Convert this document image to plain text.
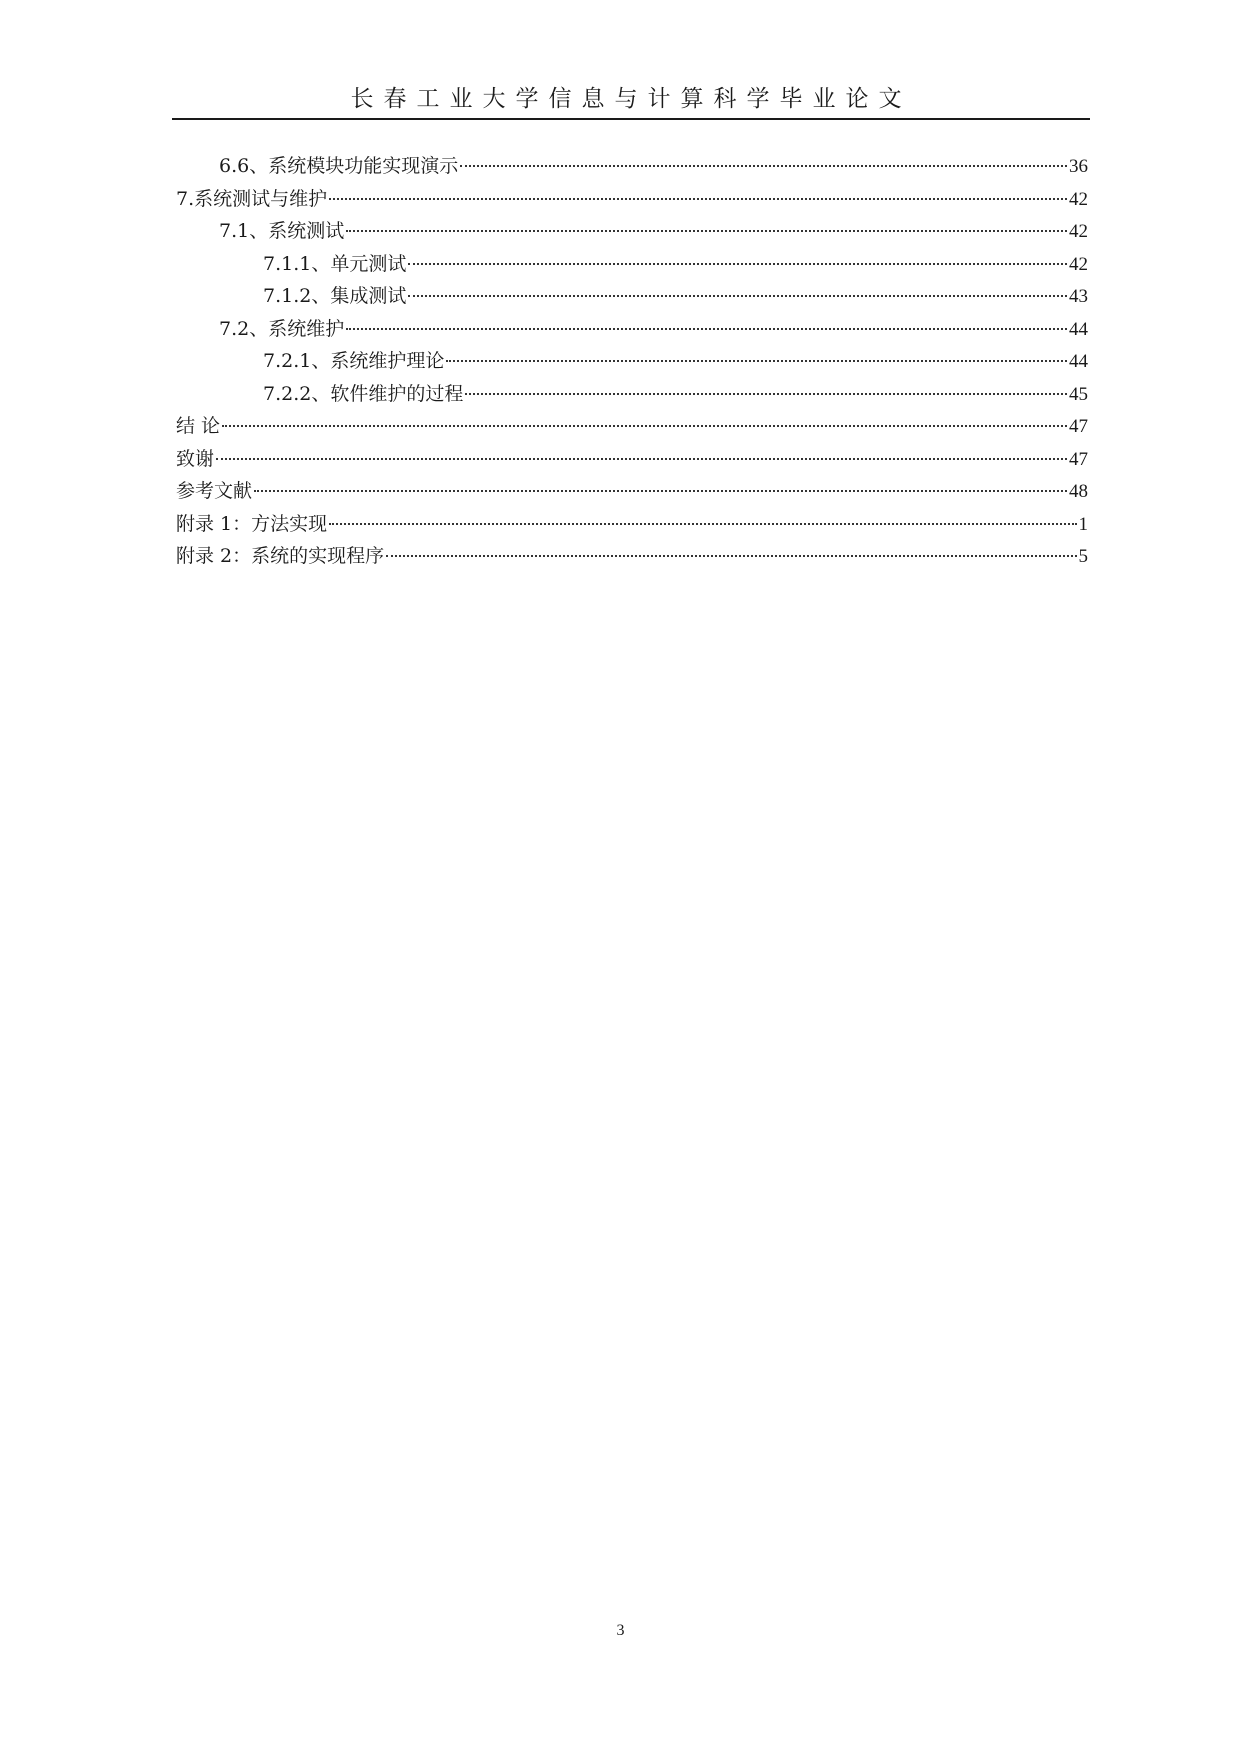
长春工业大学信息与计算科学毕业论文
6.6、系统模块功能实现演示	36
7.系统测试与维护	42
7.1、系统测试	42
7.1.1、单元测试	42
7.1.2、集成测试	43
7.2、系统维护	44
7.2.1、系统维护理论	44
7.2.2、软件维护的过程	45
结 论	47
致谢	47
参考文献	48
附录 1：方法实现	1
附录 2：系统的实现程序	5
3
